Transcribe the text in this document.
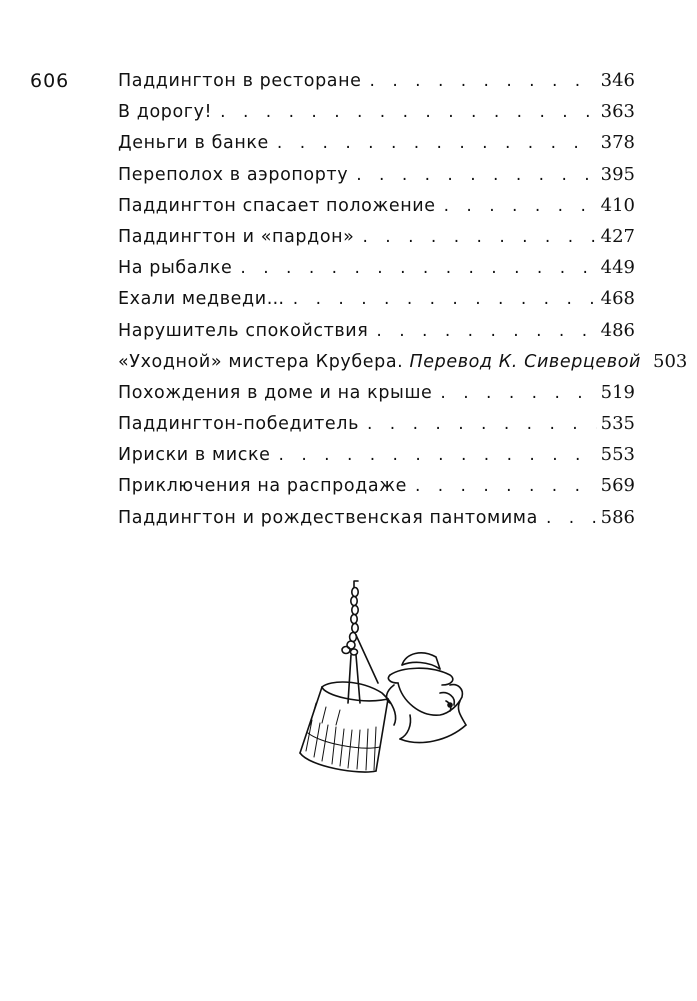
606	Паддингтон в ресторане . . .	346
В дорогу! . . .	363
Деньги в банке . . .	378
Переполох в аэропорту . . .	395
Паддингтон спасает положение . . .	410
Паддингтон и «пардон» . . .	427
На рыбалке . . .	449
Ехали медведи… . . .	468
Нарушитель спокойствия . . .	486
«Уходной» мистера Крубера. Перевод К. Сиверцевой 503
Похождения в доме и на крыше . . .	519
Паддингтон-победитель . . .	535
Ириски в миске . . .	553
Приключения на распродаже . . .	569
Паддингтон и рождественская пантомима . . .	586
